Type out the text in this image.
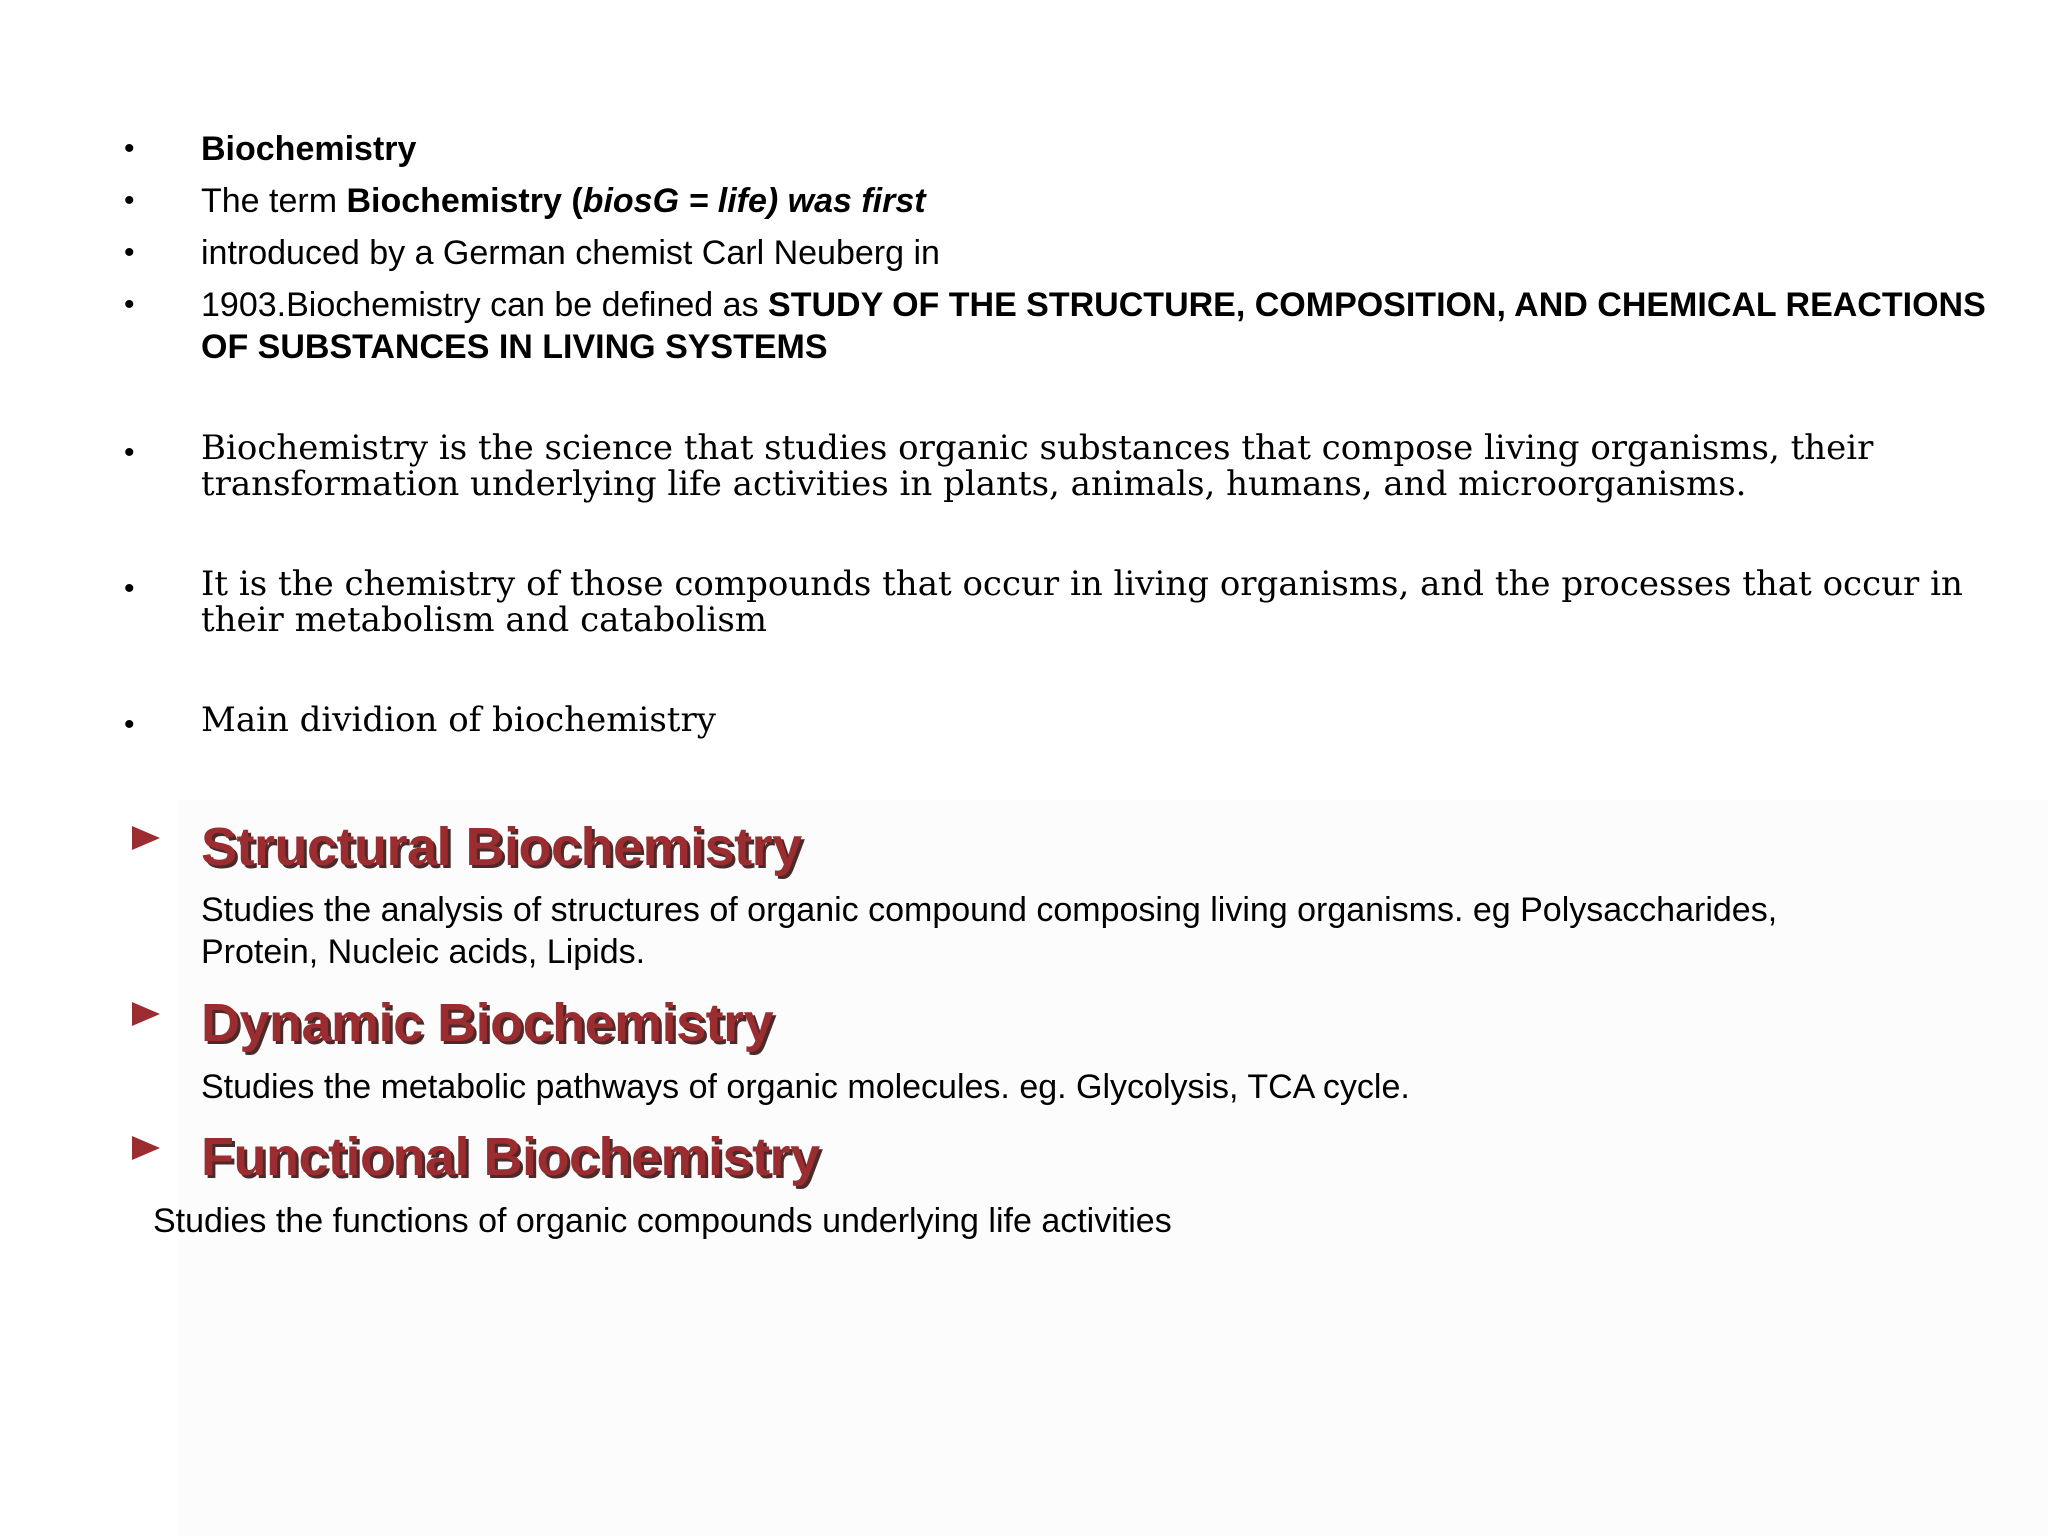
• Biochemistry
• The term Biochemistry (biosG = life) was first
• introduced by a German chemist Carl Neuberg in
• 1903.Biochemistry can be defined as STUDY OF THE STRUCTURE, COMPOSITION, AND CHEMICAL REACTIONS OF SUBSTANCES IN LIVING SYSTEMS
• Biochemistry is the science that studies organic substances that compose living organisms, their transformation underlying life activities in plants, animals, humans, and microorganisms.
• It is the chemistry of those compounds that occur in living organisms, and the processes that occur in their metabolism and catabolism
• Main dividion of biochemistry
Structural Biochemistry
Studies the analysis of structures of organic compound composing living organisms. eg Polysaccharides, Protein, Nucleic acids, Lipids.
Dynamic Biochemistry
Studies the metabolic pathways of organic molecules. eg. Glycolysis, TCA cycle.
Functional Biochemistry
Studies the functions of organic compounds underlying life activities
